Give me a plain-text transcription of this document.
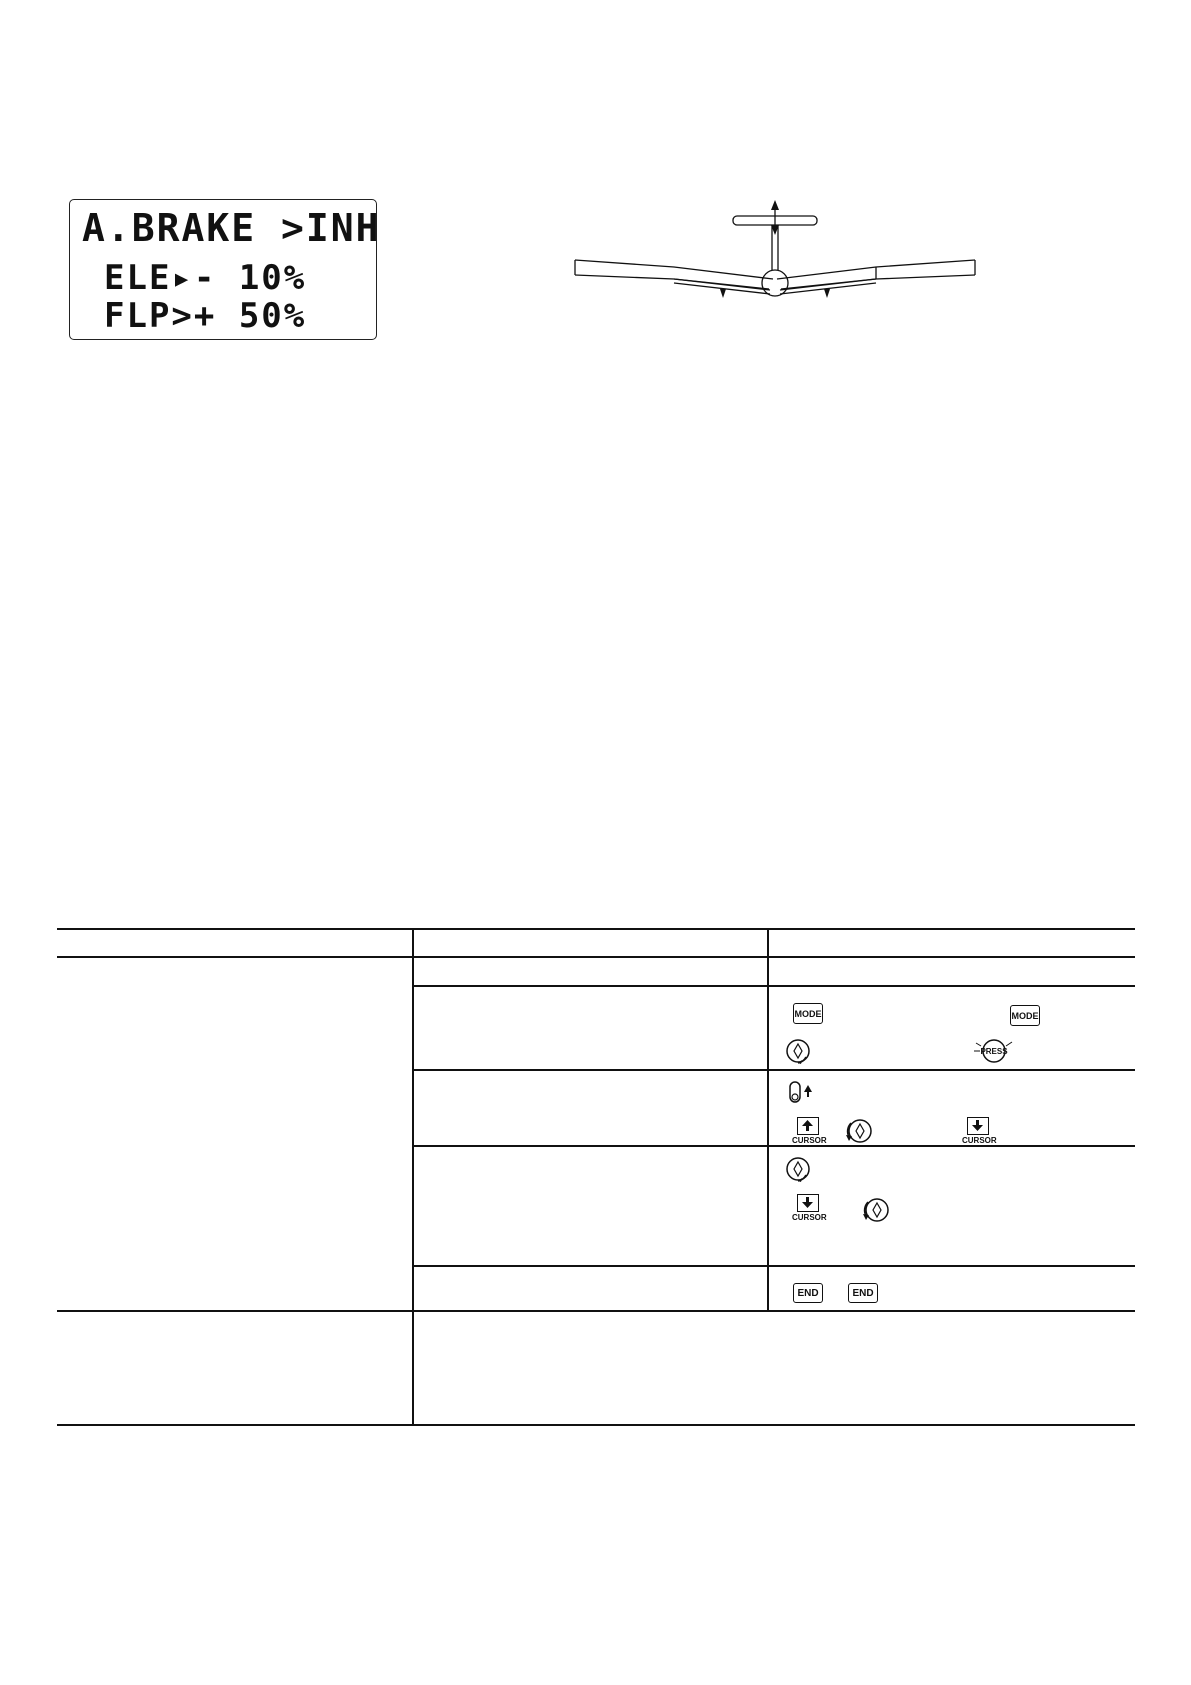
A.BRAKE >INH
ELE▸- 10%
FLP>+ 50%
MODE	MODE
PRESS
CURSOR	CURSOR
CURSOR
END	END
